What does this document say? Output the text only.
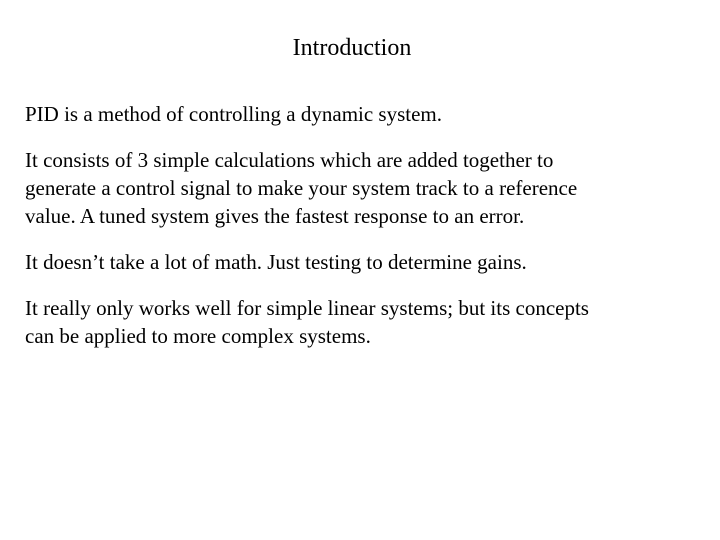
Introduction

PID is a method of controlling a dynamic system.

It consists of 3 simple calculations which are added together to
generate a control signal to make your system track to a reference
value. A tuned system gives the fastest response to an error.

It doesn’t take a lot of math. Just testing to determine gains.

It really only works well for simple linear systems; but its concepts
can be applied to more complex systems.
